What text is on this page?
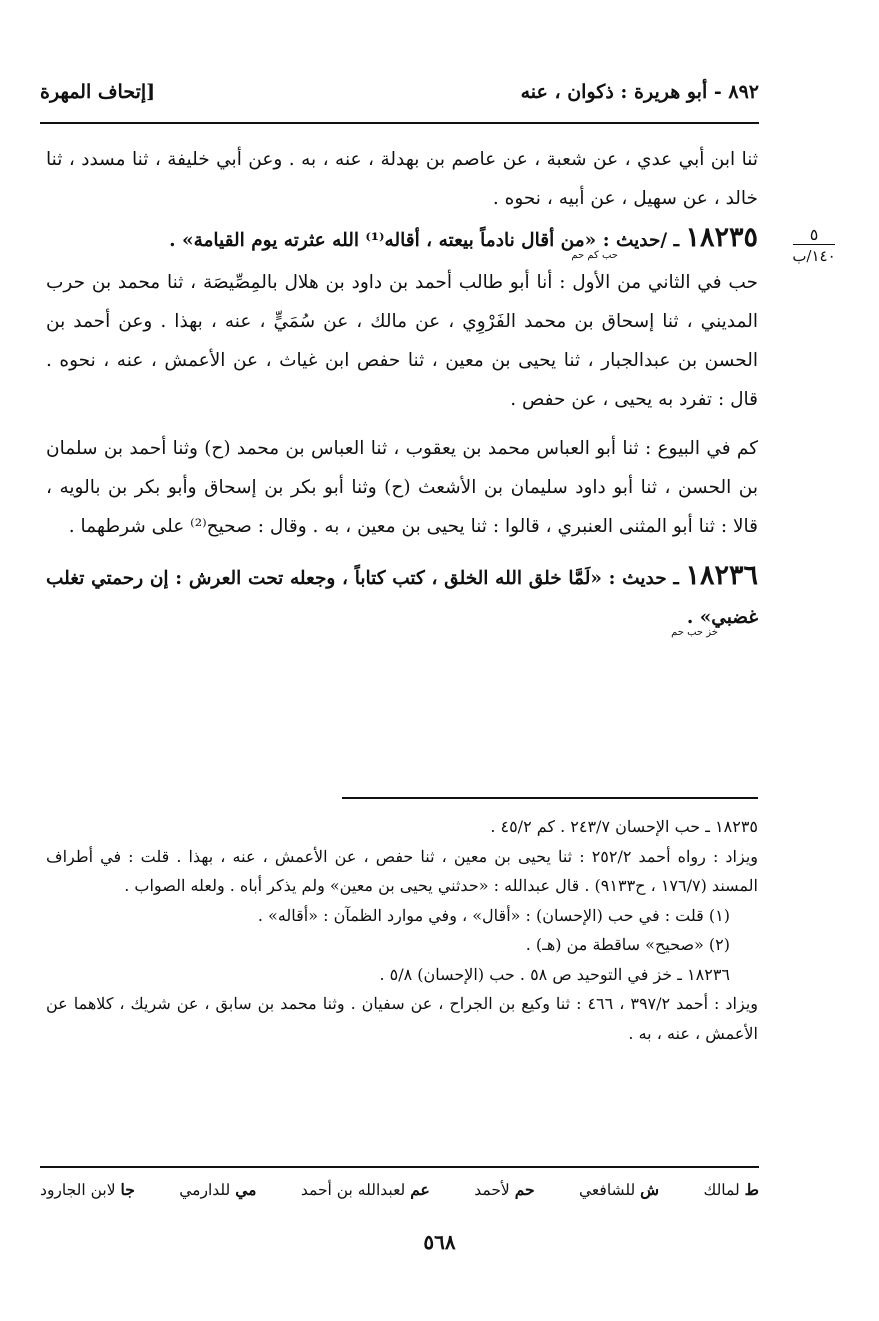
٨٩٢ - أبو هريرة : ذكوان ، عنه
[إتحاف المهرة
٥
١٤٠/ب

ثنا ابن أبي عدي ، عن شعبة ، عن عاصم بن بهدلة ، عنه ، به . وعن أبي خليفة ، ثنا مسدد ، ثنا خالد ، عن سهيل ، عن أبيه ، نحوه .

١٨٢٣٥ ـ /حديث : «من أقال نادماً بيعته ، أقاله⁽¹⁾ الله عثرته يوم القيامة» .

حب كم حم

حب في الثاني من الأول : أنا أبو طالب أحمد بن داود بن هلال بالمِصِّيصَة ، ثنا محمد بن حرب المديني ، ثنا إسحاق بن محمد الفَرْوِي ، عن مالك ، عن سُمَيٍّ ، عنه ، بهذا . وعن أحمد بن الحسن بن عبدالجبار ، ثنا يحيى بن معين ، ثنا حفص ابن غياث ، عن الأعمش ، عنه ، نحوه . قال : تفرد به يحيى ، عن حفص .

كم في البيوع : ثنا أبو العباس محمد بن يعقوب ، ثنا العباس بن محمد (ح) وثنا أحمد بن سلمان بن الحسن ، ثنا أبو داود سليمان بن الأشعث (ح) وثنا أبو بكر بن إسحاق وأبو بكر بن بالويه ، قالا : ثنا أبو المثنى العنبري ، قالوا : ثنا يحيى بن معين ، به . وقال : صحيح⁽²⁾ على شرطهما .

١٨٢٣٦ ـ حديث : «لَمَّا خلق الله الخلق ، كتب كتاباً ، وجعله تحت العرش : إن رحمتي تغلب غضبي» .

خز حب حم

١٨٢٣٥ ـ حب الإحسان ٢٤٣/٧ . كم ٤٥/٢ .

ويزاد : رواه أحمد ٢٥٢/٢ : ثنا يحيى بن معين ، ثنا حفص ، عن الأعمش ، عنه ، بهذا . قلت : في أطراف المسند (١٧٦/٧ ، ح٩١٣٣) . قال عبدالله : «حدثني يحيى بن معين» ولم يذكر أباه . ولعله الصواب .

(١) قلت : في حب (الإحسان) : «أقال» ، وفي موارد الظمآن : «أقاله» .

(٢) «صحيح» ساقطة من (هـ) .

١٨٢٣٦ ـ خز في التوحيد ص ٥٨ . حب (الإحسان) ٥/٨ .

ويزاد : أحمد ٣٩٧/٢ ، ٤٦٦ : ثنا وكيع بن الجراح ، عن سفيان . وثنا محمد بن سابق ، عن شريك ، كلاهما عن الأعمش ، عنه ، به .

ط لمالك
ش للشافعي
حم لأحمد
عم لعبدالله بن أحمد
مي للدارمي
جا لابن الجارود
٥٦٨
